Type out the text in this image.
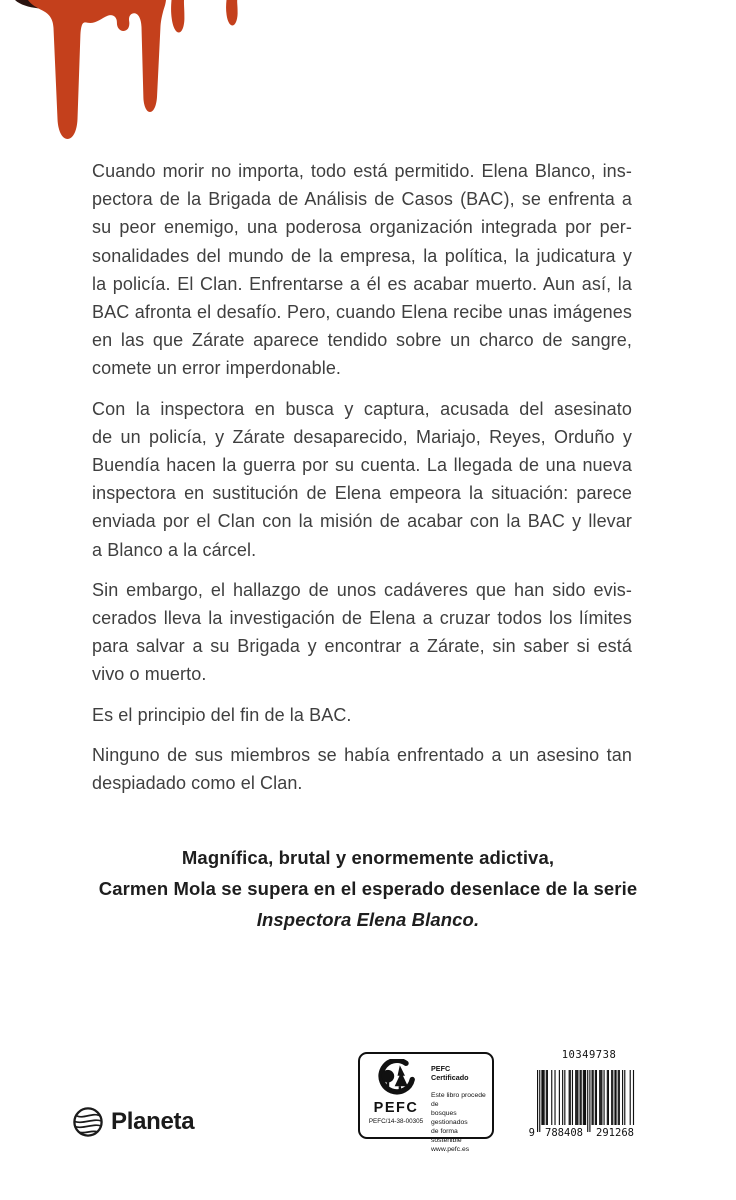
Cuando morir no importa, todo está permitido. Elena Blanco, ins-
pectora de la Brigada de Análisis de Casos (BAC), se enfrenta a
su peor enemigo, una poderosa organización integrada por per-
sonalidades del mundo de la empresa, la política, la judicatura y
la policía. El Clan. Enfrentarse a él es acabar muerto. Aun así, la
BAC afronta el desafío. Pero, cuando Elena recibe unas imágenes
en las que Zárate aparece tendido sobre un charco de sangre,
comete un error imperdonable.
Con la inspectora en busca y captura, acusada del asesinato
de un policía, y Zárate desaparecido, Mariajo, Reyes, Orduño y
Buendía hacen la guerra por su cuenta. La llegada de una nueva
inspectora en sustitución de Elena empeora la situación: parece
enviada por el Clan con la misión de acabar con la BAC y llevar
a Blanco a la cárcel.
Sin embargo, el hallazgo de unos cadáveres que han sido evis-
cerados lleva la investigación de Elena a cruzar todos los límites
para salvar a su Brigada y encontrar a Zárate, sin saber si está
vivo o muerto.
Es el principio del fin de la BAC.
Ninguno de sus miembros se había enfrentado a un asesino tan
despiadado como el Clan.
Magnífica, brutal y enormemente adictiva,
Carmen Mola se supera en el esperado desenlace de la serie
Inspectora Elena Blanco.
Planeta	PEFC
PEFC/14-38-00305
PEFC Certificado
Este libro procede de
bosques gestionados
de forma sostenible
www.pefc.es
10349738
9 788408 291268
